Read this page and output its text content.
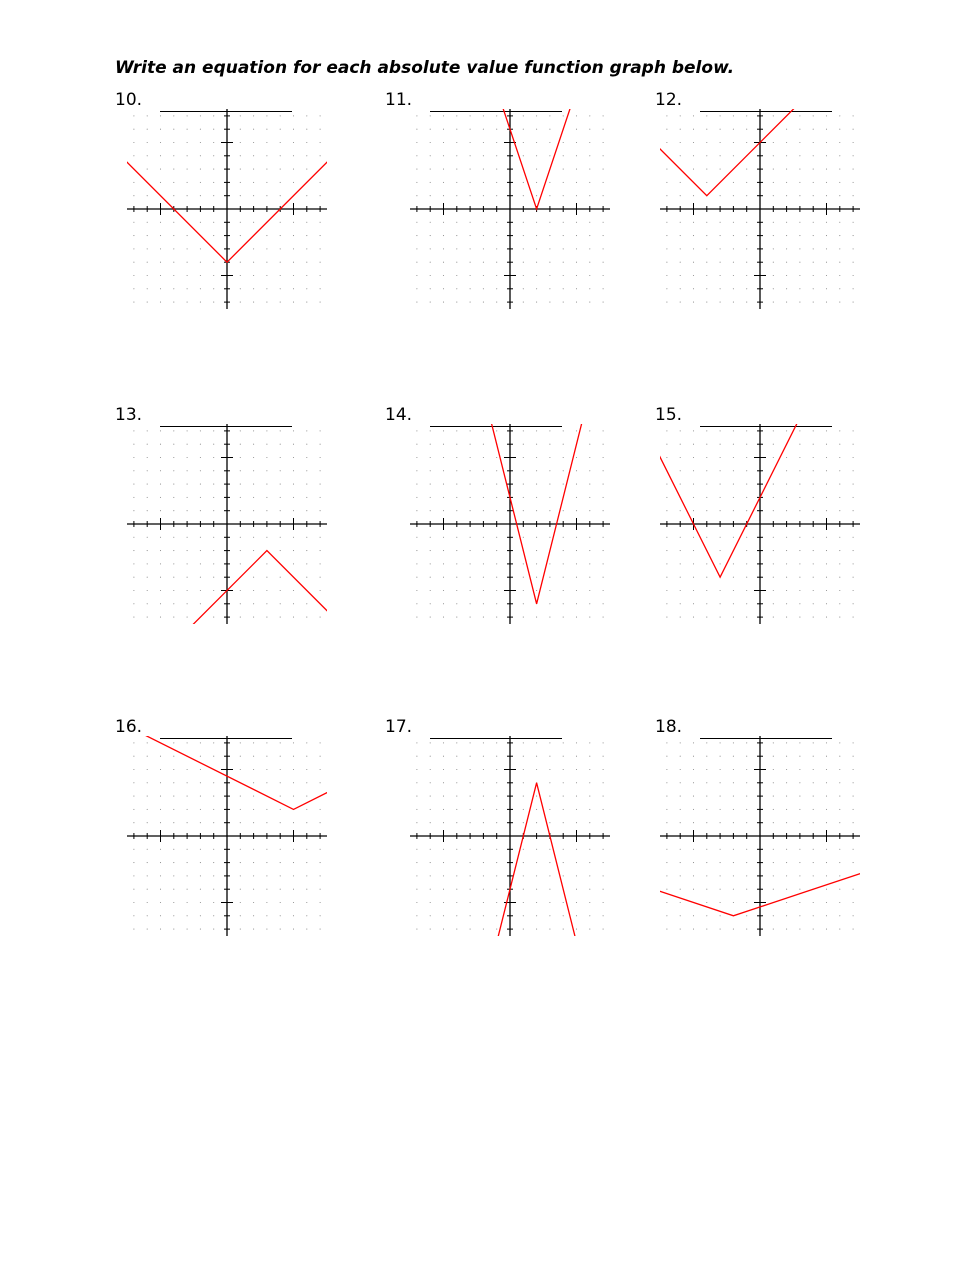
Write an equation for each absolute value function graph below.
10.	11.	12.
13.	14.	15.
16.	17.	18.
